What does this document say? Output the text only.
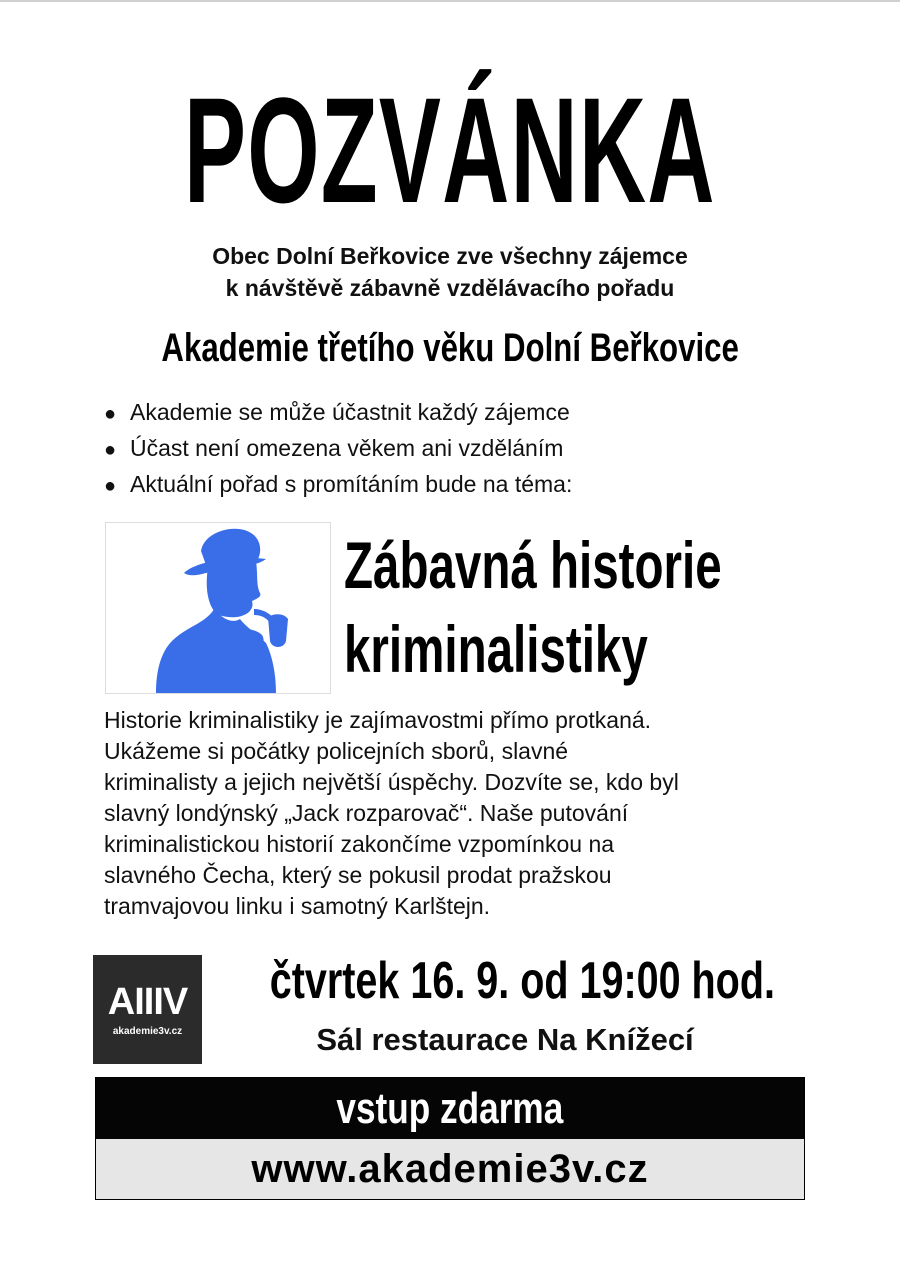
POZVÁNKA
Obec Dolní Beřkovice zve všechny zájemce
k návštěvě zábavně vzdělávacího pořadu
Akademie třetího věku Dolní Beřkovice
● Akademie se může účastnit každý zájemce
● Účast není omezena věkem ani vzděláním
● Aktuální pořad s promítáním bude na téma:
Zábavná historie
kriminalistiky
Historie kriminalistiky je zajímavostmi přímo protkaná.
Ukážeme si počátky policejních sborů, slavné
kriminalisty a jejich největší úspěchy. Dozvíte se, kdo byl
slavný londýnský „Jack rozparovač“. Naše putování
kriminalistickou historií zakončíme vzpomínkou na
slavného Čecha, který se pokusil prodat pražskou
tramvajovou linku i samotný Karlštejn.
AIIIV
akademie3v.cz
čtvrtek 16. 9. od 19:00 hod.
Sál restaurace Na Knížecí
vstup zdarma
www.akademie3v.cz
